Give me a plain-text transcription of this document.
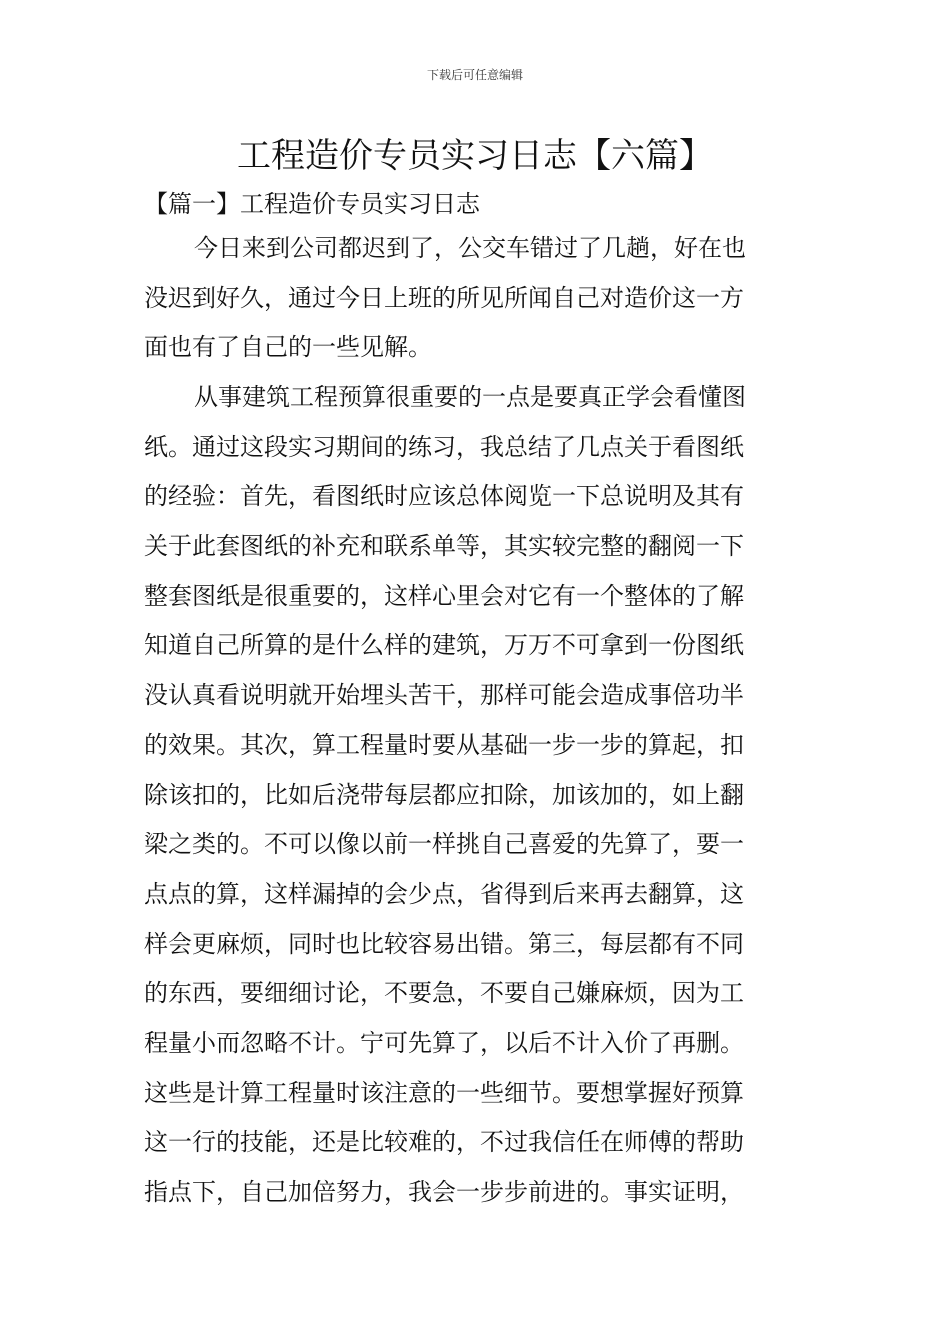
下载后可任意编辑
工程造价专员实习日志【六篇】
【篇一】工程造价专员实习日志
今日来到公司都迟到了，公交车错过了几趟，好在也
没迟到好久，通过今日上班的所见所闻自己对造价这一方
面也有了自己的一些见解。
从事建筑工程预算很重要的一点是要真正学会看懂图
纸。通过这段实习期间的练习，我总结了几点关于看图纸
的经验：首先，看图纸时应该总体阅览一下总说明及其有
关于此套图纸的补充和联系单等，其实较完整的翻阅一下
整套图纸是很重要的，这样心里会对它有一个整体的了解
知道自己所算的是什么样的建筑，万万不可拿到一份图纸
没认真看说明就开始埋头苦干，那样可能会造成事倍功半
的效果。其次，算工程量时要从基础一步一步的算起，扣
除该扣的，比如后浇带每层都应扣除，加该加的，如上翻
梁之类的。不可以像以前一样挑自己喜爱的先算了，要一
点点的算，这样漏掉的会少点，省得到后来再去翻算，这
样会更麻烦，同时也比较容易出错。第三，每层都有不同
的东西，要细细讨论，不要急，不要自己嫌麻烦，因为工
程量小而忽略不计。宁可先算了，以后不计入价了再删。
这些是计算工程量时该注意的一些细节。要想掌握好预算
这一行的技能，还是比较难的，不过我信任在师傅的帮助
指点下，自己加倍努力，我会一步步前进的。事实证明，
